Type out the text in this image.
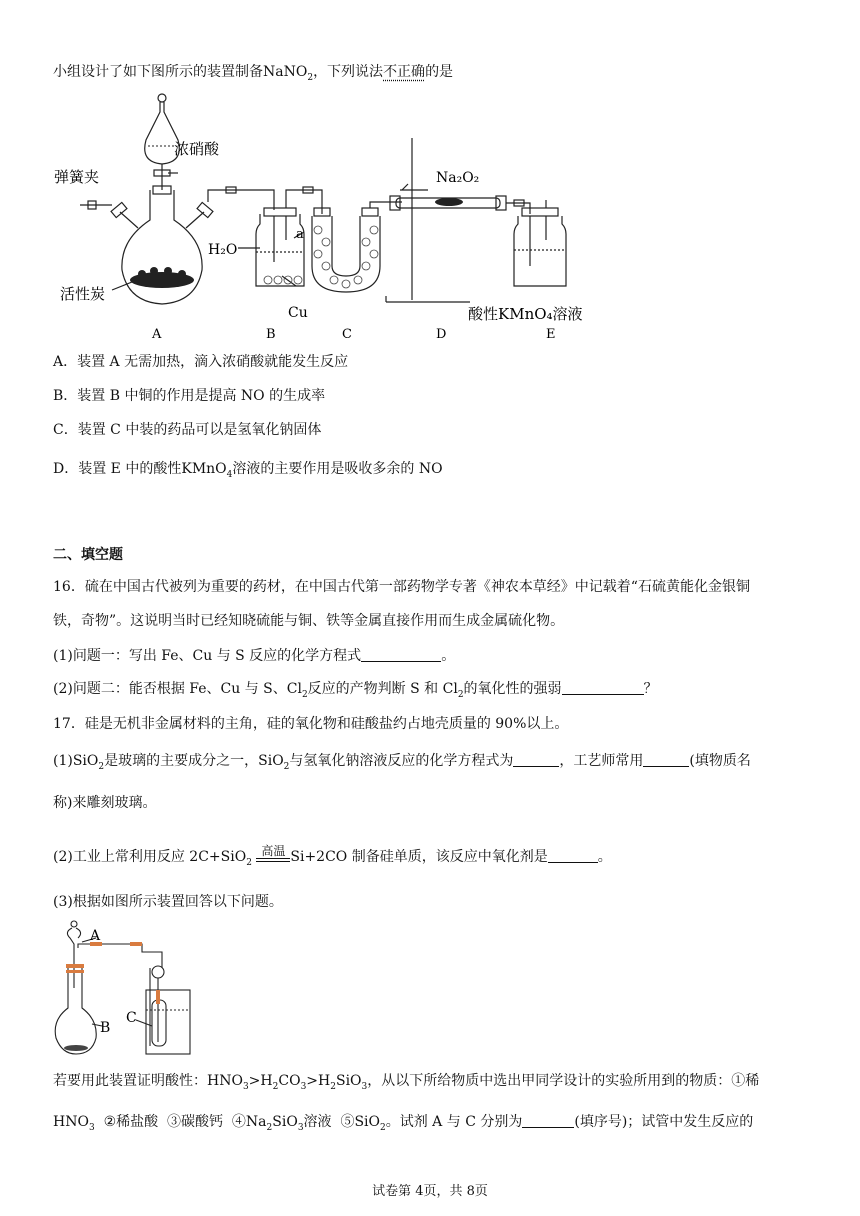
小组设计了如下图所示的装置制备NaNO$_2$，下列说法不正确的是
浓硝酸
弹簧夹
活性炭
H₂O
Cu
a
Na₂O₂
酸性KMnO₄溶液
A	B	C	D	E
A．装置 A 无需加热，滴入浓硝酸就能发生反应
B．装置 B 中铜的作用是提高 NO 的生成率
C．装置 C 中装的药品可以是氢氧化钠固体
D．装置 E 中的酸性KMnO$_4$溶液的主要作用是吸收多余的 NO
二、填空题
16．硫在中国古代被列为重要的药材，在中国古代第一部药物学专著《神农本草经》中记载着“石硫黄能化金银铜
铁，奇物”。这说明当时已经知晓硫能与铜、铁等金属直接作用而生成金属硫化物。
(1)问题一：写出 Fe、Cu 与 S 反应的化学方程式	。
(2)问题二：能否根据 Fe、Cu 与 S、$Cl_2$反应的产物判断 S 和 $Cl_2$的氧化性的强弱	？
17．硅是无机非金属材料的主角，硅的氧化物和硅酸盐约占地壳质量的 90%以上。
(1)SiO$_2$是玻璃的主要成分之一，SiO$_2$与氢氧化钠溶液反应的化学方程式为	，工艺师常用	(填物质名
称)来雕刻玻璃。
(2)工业上常利用反应 2C+SiO$_2$
高温 Si+2CO 制备硅单质，该反应中氧化剂是	。
(3)根据如图所示装置回答以下问题。
A
B
C
若要用此装置证明酸性：$HNO_3>H_2CO_3>H_2SiO_3$，从以下所给物质中选出甲同学设计的实验所用到的物质：①稀
$HNO_3$  ②稀盐酸  ③碳酸钙  $④Na_2SiO_3$溶液  ⑤SiO$_2$。试剂 A 与 C 分别为	(填序号)；试管中发生反应的
试卷第 4页，共 8页
